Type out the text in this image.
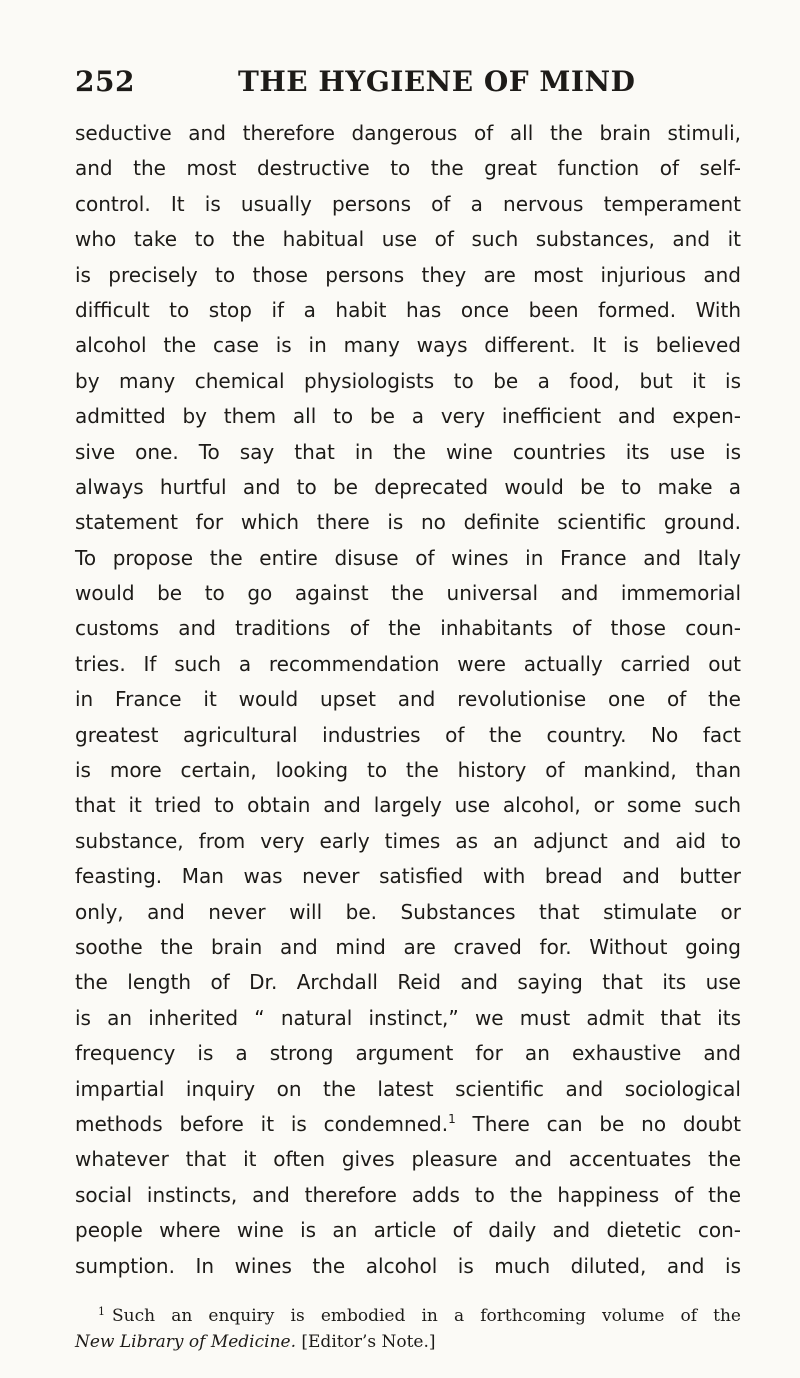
252	THE HYGIENE OF MIND
seductive and therefore dangerous of all the brain stimuli,
and the most destructive to the great function of self-
control. It is usually persons of a nervous temperament
who take to the habitual use of such substances, and it
is precisely to those persons they are most injurious and
difficult to stop if a habit has once been formed. With
alcohol the case is in many ways different. It is believed
by many chemical physiologists to be a food, but it is
admitted by them all to be a very inefficient and expen-
sive one. To say that in the wine countries its use is
always hurtful and to be deprecated would be to make a
statement for which there is no definite scientific ground.
To propose the entire disuse of wines in France and Italy
would be to go against the universal and immemorial
customs and traditions of the inhabitants of those coun-
tries. If such a recommendation were actually carried out
in France it would upset and revolutionise one of the
greatest agricultural industries of the country. No fact
is more certain, looking to the history of mankind, than
that it tried to obtain and largely use alcohol, or some such
substance, from very early times as an adjunct and aid to
feasting. Man was never satisfied with bread and butter
only, and never will be. Substances that stimulate or
soothe the brain and mind are craved for. Without going
the length of Dr. Archdall Reid and saying that its use
is an inherited “ natural instinct,” we must admit that its
frequency is a strong argument for an exhaustive and
impartial inquiry on the latest scientific and sociological
methods before it is condemned.$^1$ There can be no doubt
whatever that it often gives pleasure and accentuates the
social instincts, and therefore adds to the happiness of the
people where wine is an article of daily and dietetic con-
sumption. In wines the alcohol is much diluted, and is
$^1$ Such an enquiry is embodied in a forthcoming volume of the
New Library of Medicine. [Editor’s Note.]
